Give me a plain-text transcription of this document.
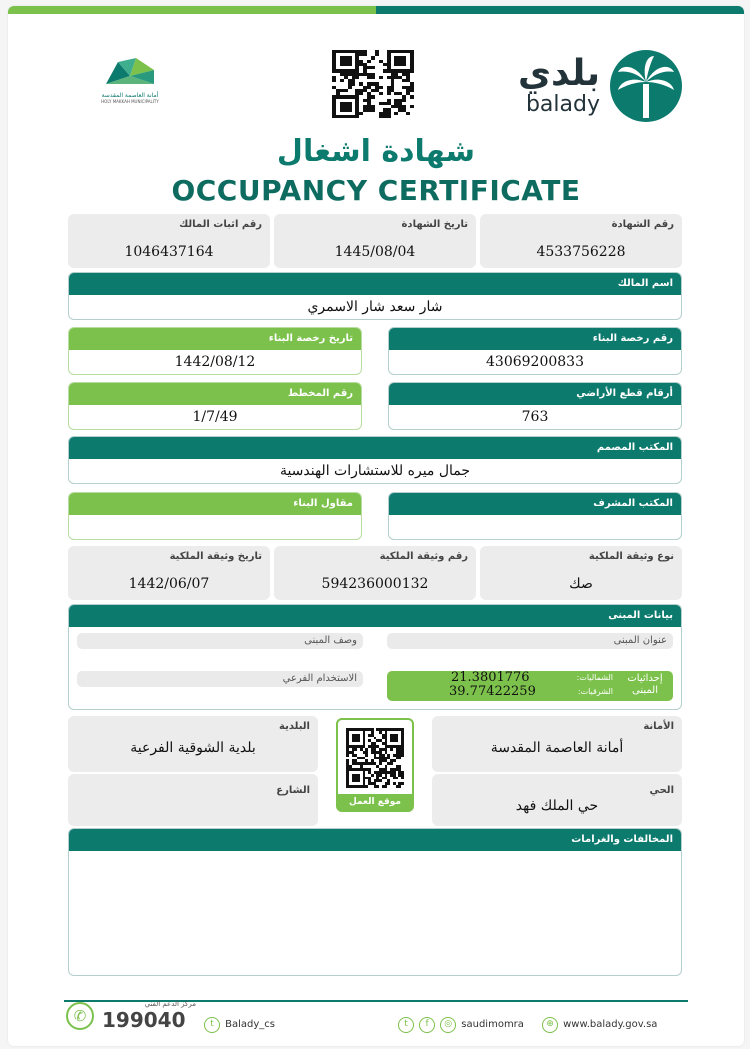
أمانة العاصمة المقدسة
HOLY MAKKAH MUNICIPALITY
بلدي
balady
شهادة اشغال
OCCUPANCY CERTIFICATE
رقم الشهادة
4533756228
تاريخ الشهادة
1445/08/04
رقم اثبات المالك
1046437164
اسم المالك
شار سعد شار الاسمري
رقم رخصة البناء
43069200833
تاريخ رخصة البناء
1442/08/12
أرقام قطع الأراضي
763
رقم المخطط
1/7/49
المكتب المصمم
جمال ميره للاستشارات الهندسية
المكتب المشرف
مقاول البناء
نوع وثيقة الملكية
صك
رقم وثيقة الملكية
594236000132
تاريخ وثيقة الملكية
1442/06/07
بيانات المبنى
عنوان المبنى
وصف المبنى
الاستخدام الفرعي	إحداثيات المبنى
الشماليات:
الشرقيات:
21.3801776
39.77422259
الأمانة
أمانة العاصمة المقدسة
البلدية
بلدية الشوقية الفرعية
الحي
حي الملك فهد
الشارع
موقع العمل
المخالفات والغرامات
✆
مركز الدعم الفني
199040	t Balady_cs	t f ◎ saudimomra	⊕ www.balady.gov.sa
